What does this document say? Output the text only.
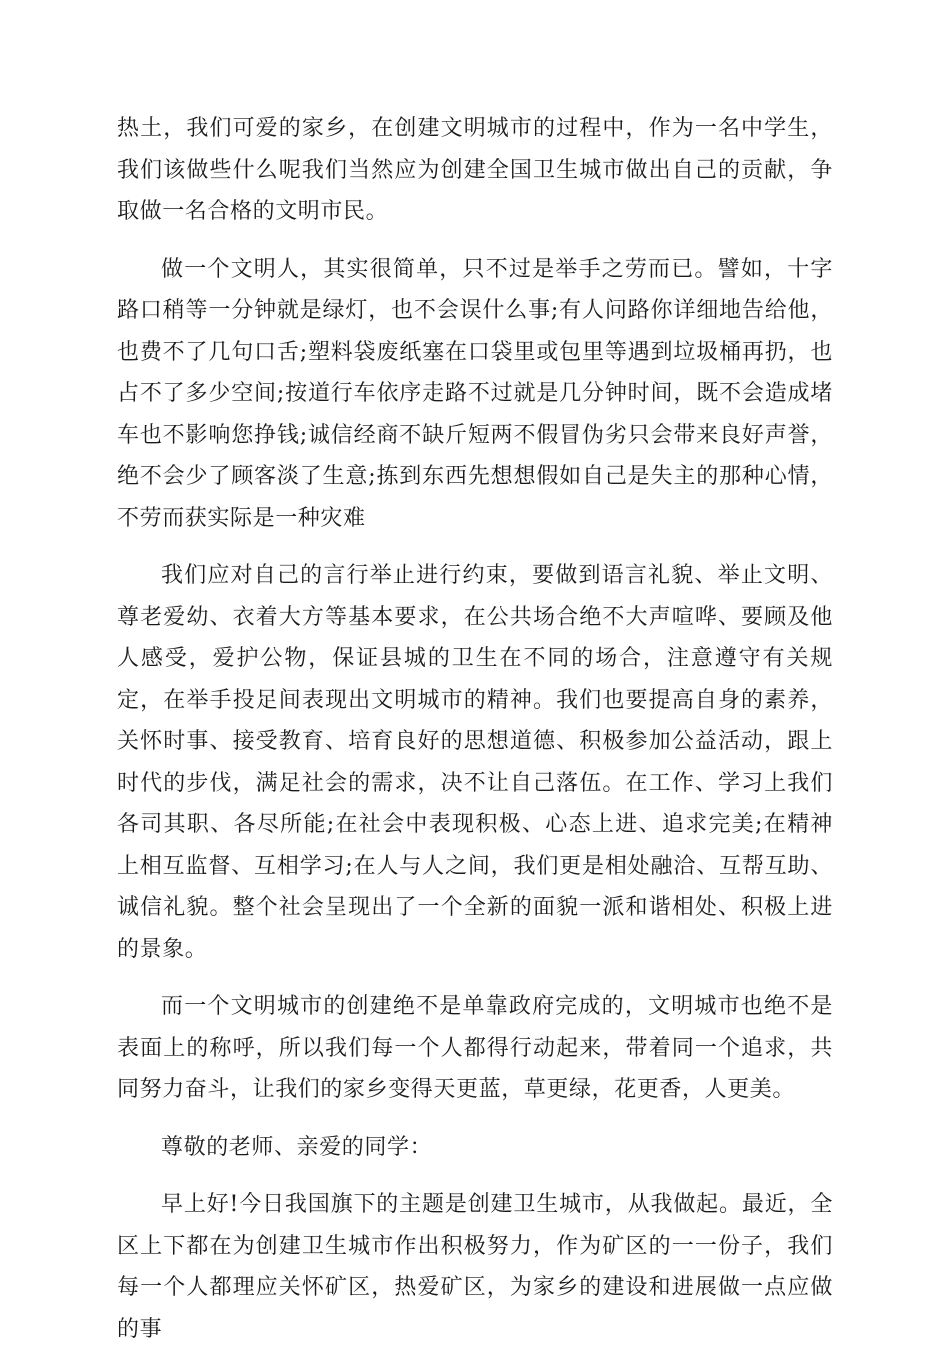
热土，我们可爱的家乡，在创建文明城市的过程中，作为一名中学生，我们该做些什么呢我们当然应为创建全国卫生城市做出自己的贡献，争取做一名合格的文明市民。

做一个文明人，其实很简单，只不过是举手之劳而已。譬如，十字路口稍等一分钟就是绿灯，也不会误什么事;有人问路你详细地告给他，也费不了几句口舌;塑料袋废纸塞在口袋里或包里等遇到垃圾桶再扔，也占不了多少空间;按道行车依序走路不过就是几分钟时间，既不会造成堵车也不影响您挣钱;诚信经商不缺斤短两不假冒伪劣只会带来良好声誉，绝不会少了顾客淡了生意;拣到东西先想想假如自己是失主的那种心情，不劳而获实际是一种灾难

我们应对自己的言行举止进行约束，要做到语言礼貌、举止文明、尊老爱幼、衣着大方等基本要求，在公共场合绝不大声喧哗、要顾及他人感受，爱护公物，保证县城的卫生在不同的场合，注意遵守有关规定，在举手投足间表现出文明城市的精神。我们也要提高自身的素养，关怀时事、接受教育、培育良好的思想道德、积极参加公益活动，跟上时代的步伐，满足社会的需求，决不让自己落伍。在工作、学习上我们各司其职、各尽所能;在社会中表现积极、心态上进、追求完美;在精神上相互监督、互相学习;在人与人之间，我们更是相处融洽、互帮互助、诚信礼貌。整个社会呈现出了一个全新的面貌一派和谐相处、积极上进的景象。

而一个文明城市的创建绝不是单靠政府完成的，文明城市也绝不是表面上的称呼，所以我们每一个人都得行动起来，带着同一个追求，共同努力奋斗，让我们的家乡变得天更蓝，草更绿，花更香，人更美。

尊敬的老师、亲爱的同学：

早上好!今日我国旗下的主题是创建卫生城市，从我做起。最近，全区上下都在为创建卫生城市作出积极努力，作为矿区的一一份子，我们每一个人都理应关怀矿区，热爱矿区，为家乡的建设和进展做一点应做的事
